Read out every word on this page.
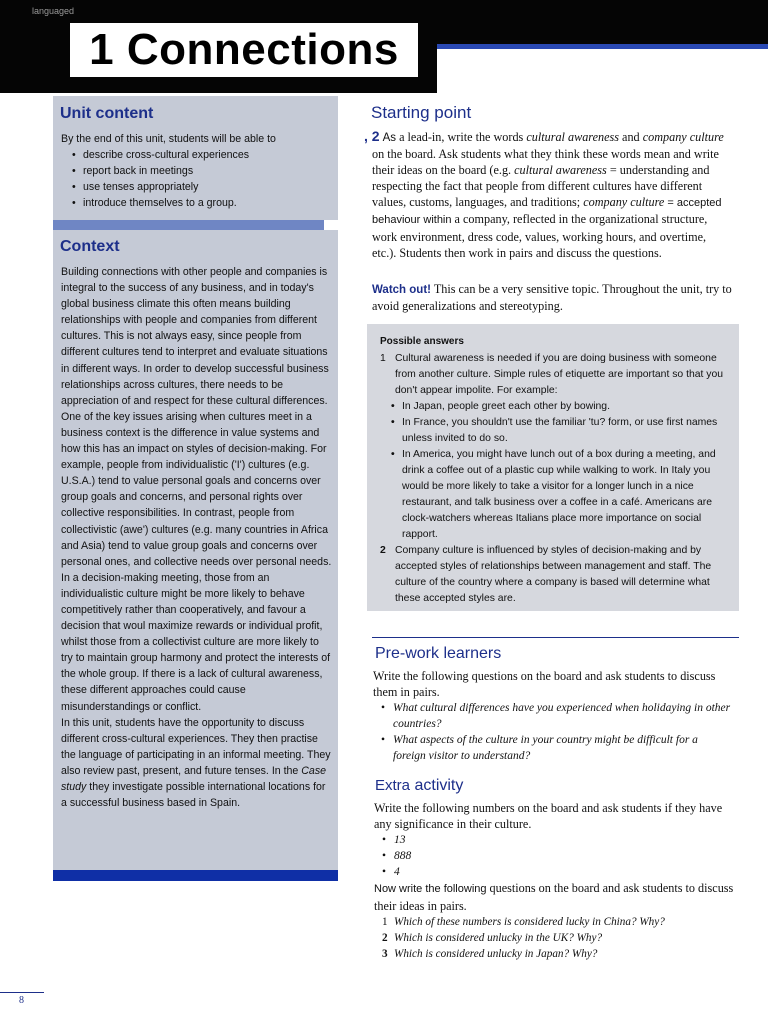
languaged
1 Connections
Unit content
By the end of this unit, students will be able to
• describe cross-cultural experiences
• report back in meetings
• use tenses appropriately
• introduce themselves to a group.
Context
Building connections with other people and companies is integral to the success of any business, and in today's global business climate this often means building relationships with people and companies from different cultures. This is not always easy, since people from different cultures tend to interpret and evaluate situations in different ways. In order to develop successful business relationships across cultures, there needs to be appreciation of and respect for these cultural differences.
One of the key issues arising when cultures meet in a business context is the difference in value systems and how this has an impact on styles of decision-making. For example, people from individualistic ('I') cultures (e.g. U.S.A.) tend to value personal goals and concerns over group goals and concerns, and personal rights over collective responsibilities. In contrast, people from collectivistic (awe') cultures (e.g. many countries in Africa and Asia) tend to value group goals and concerns over personal ones, and collective needs over personal needs. In a decision-making meeting, those from an individualistic culture might be more likely to behave competitively rather than cooperatively, and favour a decision that woul maximize rewards or individual profit, whilst those from a collectivist culture are more likely to try to maintain group harmony and protect the interests of the whole group. If there is a lack of cultural awareness, these different approaches could cause misunderstandings or conflict.
In this unit, students have the opportunity to discuss different cross-cultural experiences. They then practise the language of participating in an informal meeting. They also review past, present, and future tenses. In the Case study they investigate possible international locations for a successful business based in Spain.
Starting point
, 2 As a lead-in, write the words cultural awareness and company culture on the board. Ask students what they think these words mean and write their ideas on the board (e.g. cultural awareness = understanding and respecting the fact that people from different cultures have different values, customs, languages, and traditions; company culture = accepted behaviour within a company, reflected in the organizational structure, work environment, dress code, values, working hours, and overtime, etc.). Students then work in pairs and discuss the questions.
Watch out! This can be a very sensitive topic. Throughout the unit, try to avoid generalizations and stereotyping.
Possible answers
1 Cultural awareness is needed if you are doing business with someone from another culture. Simple rules of etiquette are important so that you don't appear impolite. For example:
• In Japan, people greet each other by bowing.
• In France, you shouldn't use the familiar 'tu? form, or use first names unless invited to do so.
• In America, you might have lunch out of a box during a meeting, and drink a coffee out of a plastic cup while walking to work. In Italy you would be more likely to take a visitor for a longer lunch in a nice restaurant, and talk business over a coffee in a café. Americans are clock-watchers whereas Italians place more importance on social rapport.
2 Company culture is influenced by styles of decision-making and by accepted styles of relationships between management and staff. The culture of the country where a company is based will determine what these accepted styles are.
Pre-work learners
Write the following questions on the board and ask students to discuss them in pairs.
• What cultural differences have you experienced when holidaying in other countries?
• What aspects of the culture in your country might be difficult for a foreign visitor to understand?
Extra activity
Write the following numbers on the board and ask students if they have any significance in their culture.
• 13
• 888
• 4
Now write the following questions on the board and ask students to discuss their ideas in pairs.
1 Which of these numbers is considered lucky in China? Why?
2 Which is considered unlucky in the UK? Why?
3 Which is considered unlucky in Japan? Why?
8
